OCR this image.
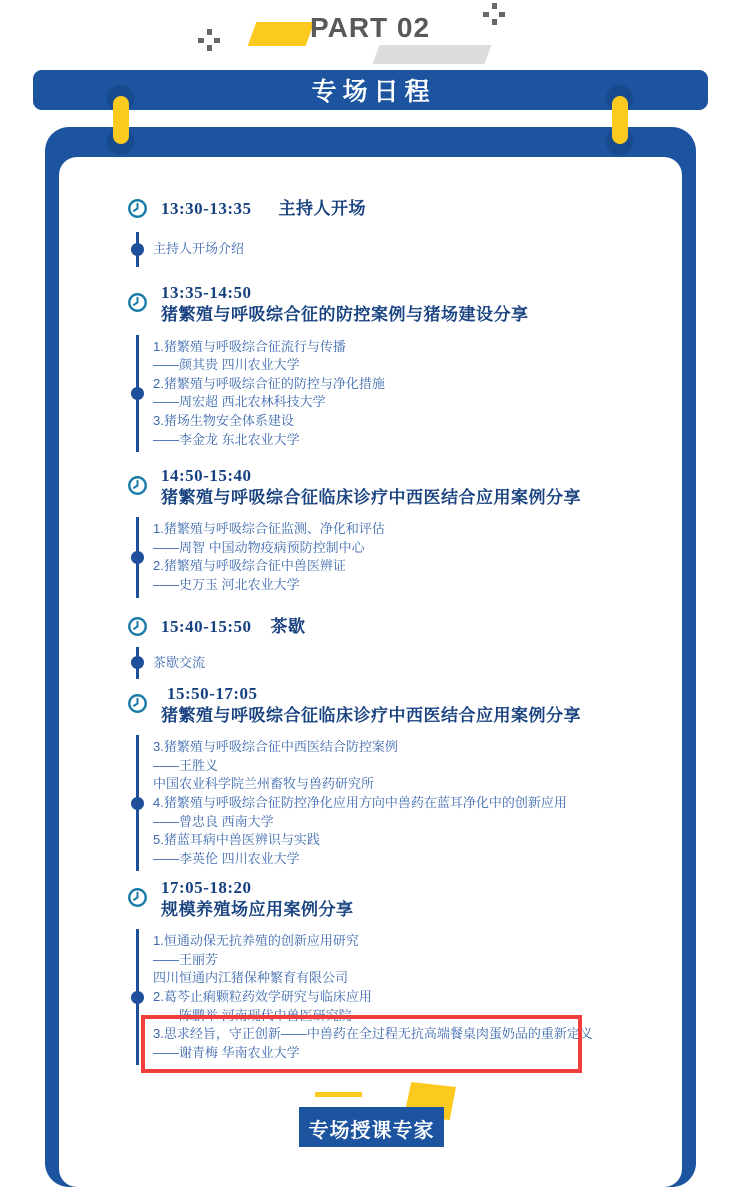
PART 02
专场日程
13:30-13:35 主持人开场
主持人开场介绍
13:35-14:50
猪繁殖与呼吸综合征的防控案例与猪场建设分享
1.猪繁殖与呼吸综合征流行与传播
——颜其贵 四川农业大学
2.猪繁殖与呼吸综合征的防控与净化措施
——周宏超 西北农林科技大学
3.猪场生物安全体系建设
——李金龙 东北农业大学
14:50-15:40
猪繁殖与呼吸综合征临床诊疗中西医结合应用案例分享
1.猪繁殖与呼吸综合征监测、净化和评估
——周智 中国动物疫病预防控制中心
2.猪繁殖与呼吸综合征中兽医辨证
——史万玉 河北农业大学
15:40-15:50 茶歇
茶歇交流
15:50-17:05
猪繁殖与呼吸综合征临床诊疗中西医结合应用案例分享
3.猪繁殖与呼吸综合征中西医结合防控案例
——王胜义
中国农业科学院兰州畜牧与兽药研究所
4.猪繁殖与呼吸综合征防控净化应用方向中兽药在蓝耳净化中的创新应用
——曾忠良 西南大学
5.猪蓝耳病中兽医辨识与实践
——李英伦 四川农业大学
17:05-18:20
规模养殖场应用案例分享
1.恒通动保无抗养殖的创新应用研究
——王丽芳
四川恒通内江猪保种繁育有限公司
2.葛芩止痢颗粒药效学研究与临床应用
——陈鹏举 河南现代中兽医研究院
3.思求经旨，守正创新——中兽药在全过程无抗高端餐桌肉蛋奶品的重新定义
——谢青梅 华南农业大学
专场授课专家
